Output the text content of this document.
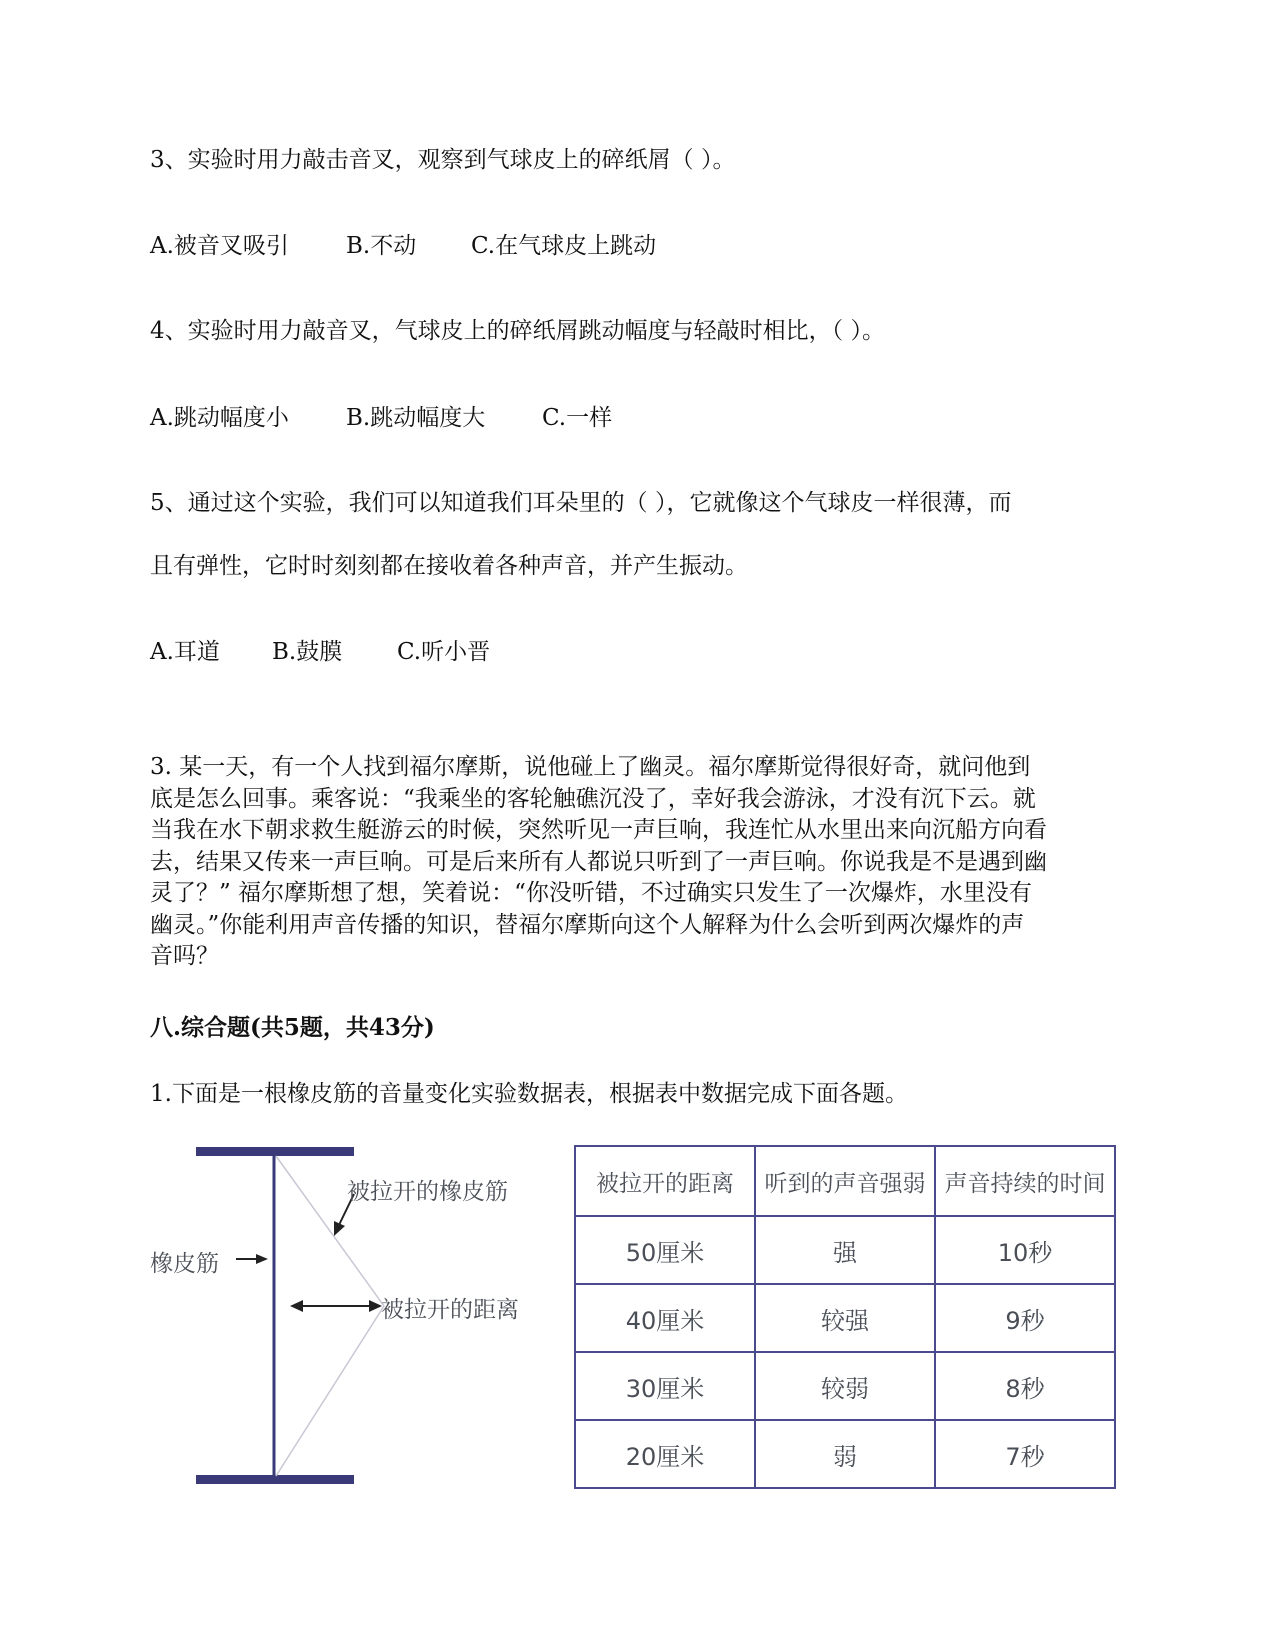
3、实验时用力敲击音叉，观察到气球皮上的碎纸屑（ ）。
A.被音叉吸引 B.不动 C.在气球皮上跳动
4、实验时用力敲音叉，气球皮上的碎纸屑跳动幅度与轻敲时相比，（ ）。
A.跳动幅度小 B.跳动幅度大 C.一样
5、通过这个实验，我们可以知道我们耳朵里的（ ），它就像这个气球皮一样很薄，而
且有弹性，它时时刻刻都在接收着各种声音，并产生振动。
A.耳道 B.鼓膜 C.听小晋
3. 某一天，有一个人找到福尔摩斯，说他碰上了幽灵。福尔摩斯觉得很好奇，就问他到
底是怎么回事。乘客说：“我乘坐的客轮触礁沉没了，幸好我会游泳，才没有沉下云。就
当我在水下朝求救生艇游云的时候，突然听见一声巨响，我连忙从水里出来向沉船方向看
去，结果又传来一声巨响。可是后来所有人都说只听到了一声巨响。你说我是不是遇到幽
灵了？” 福尔摩斯想了想，笑着说：“你没听错，不过确实只发生了一次爆炸，水里没有
幽灵。”你能利用声音传播的知识，替福尔摩斯向这个人解释为什么会听到两次爆炸的声
音吗？
八.综合题(共5题，共43分)
1.下面是一根橡皮筋的音量变化实验数据表，根据表中数据完成下面各题。
橡皮筋
被拉开的橡皮筋
被拉开的距离
被拉开的距离	听到的声音强弱	声音持续的时间
50厘米	强	10秒
40厘米	较强	9秒
30厘米	较弱	8秒
20厘米	弱	7秒
